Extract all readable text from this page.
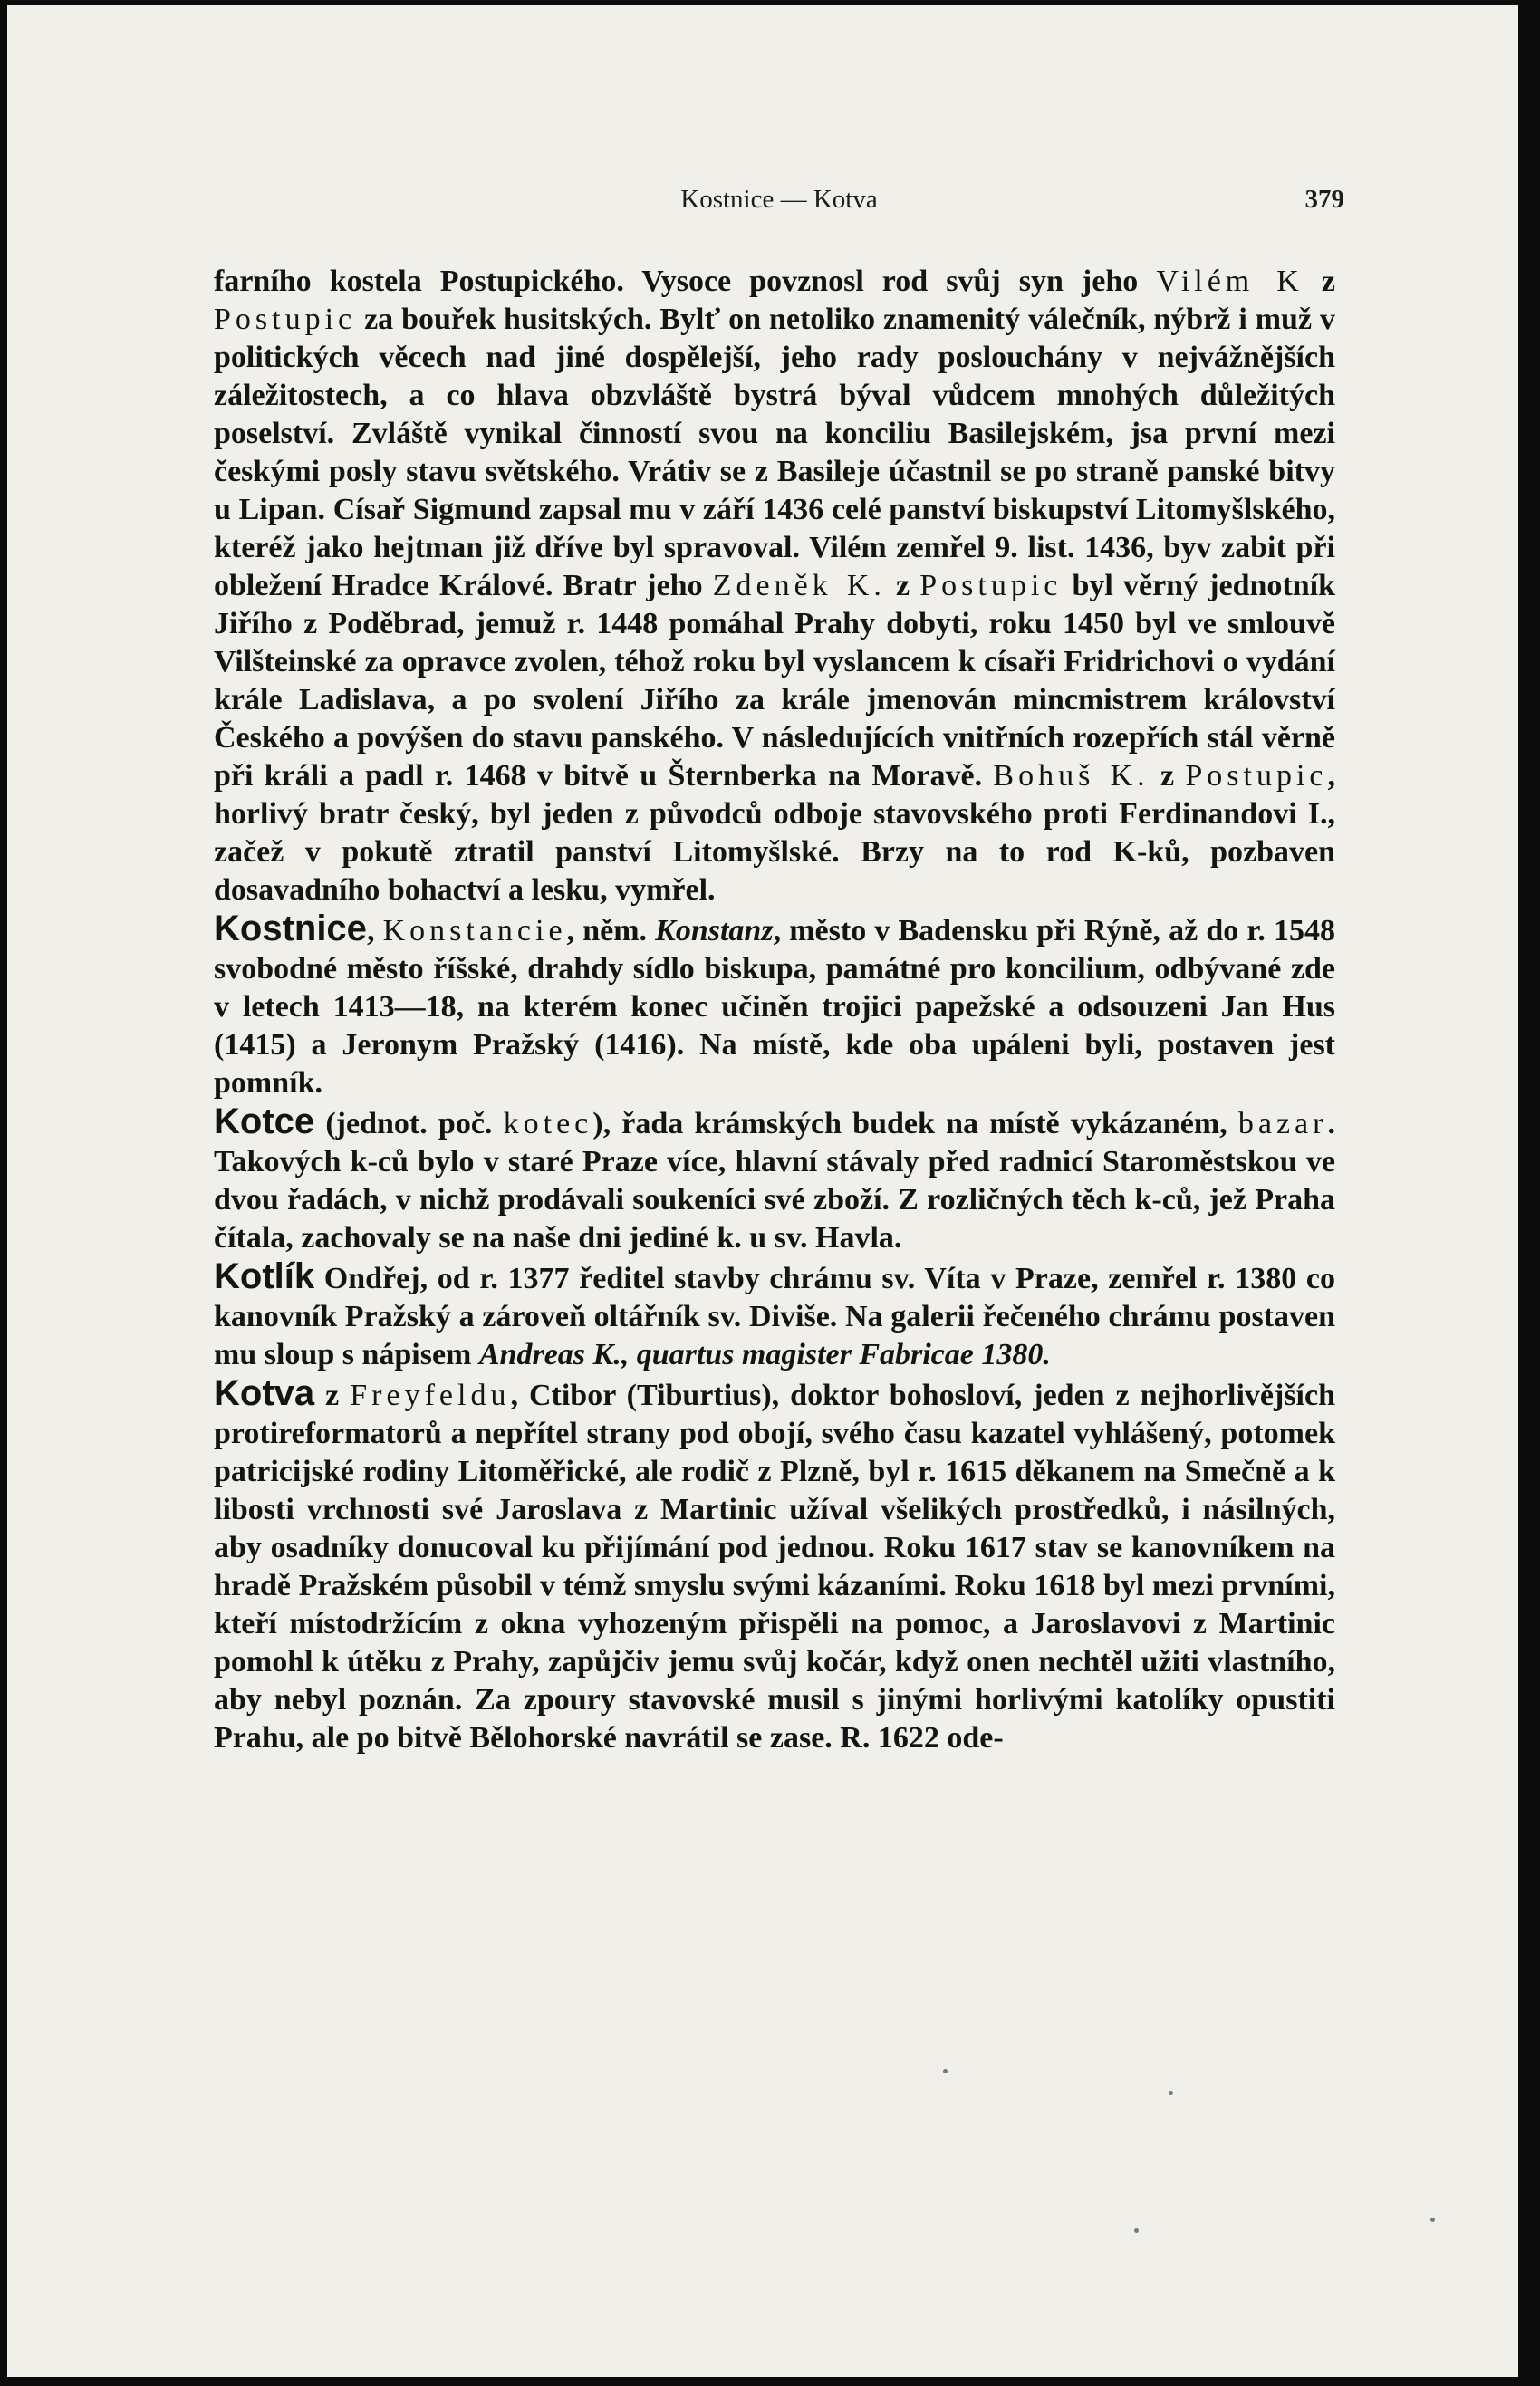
Kostnice — Kotva	379

farního kostela Postupického. Vysoce povznosl rod svůj syn jeho Vilém K z Postupic za bouřek husitských. Bylť on netoliko znamenitý válečník, nýbrž i muž v politických věcech nad jiné dospělejší, jeho rady poslouchány v nejvážnějších záležitostech, a co hlava obzvláště bystrá býval vůdcem mnohých důležitých poselství. Zvláště vynikal činností svou na konciliu Basilejském, jsa první mezi českými posly stavu světského. Vrátiv se z Basileje účastnil se po straně panské bitvy u Lipan. Císař Sigmund zapsal mu v září 1436 celé panství biskupství Litomyšlského, kteréž jako hejtman již dříve byl spravoval. Vilém zemřel 9. list. 1436, byv zabit při obležení Hradce Králové. Bratr jeho Zdeněk K. z Postupic byl věrný jednotník Jiřího z Poděbrad, jemuž r. 1448 pomáhal Prahy dobyti, roku 1450 byl ve smlouvě Vilšteinské za opravce zvolen, téhož roku byl vyslancem k císaři Fridrichovi o vydání krále Ladislava, a po svolení Jiřího za krále jmenován mincmistrem království Českého a povýšen do stavu panského. V následujících vnitřních rozepřích stál věrně při králi a padl r. 1468 v bitvě u Šternberka na Moravě. Bohuš K. z Postupic, horlivý bratr český, byl jeden z původců odboje stavovského proti Ferdinandovi I., začež v pokutě ztratil panství Litomyšlské. Brzy na to rod K-ků, pozbaven dosavadního bohactví a lesku, vymřel.

Kostnice, Konstancie, něm. Konstanz, město v Badensku při Rýně, až do r. 1548 svobodné město říšské, drahdy sídlo biskupa, památné pro koncilium, odbývané zde v letech 1413—18, na kterém konec učiněn trojici papežské a odsouzeni Jan Hus (1415) a Jeronym Pražský (1416). Na místě, kde oba upáleni byli, postaven jest pomník.

Kotce (jednot. poč. kotec), řada krámských budek na místě vykázaném, bazar. Takových k-ců bylo v staré Praze více, hlavní stávaly před radnicí Staroměstskou ve dvou řadách, v nichž prodávali soukeníci své zboží. Z rozličných těch k-ců, jež Praha čítala, zachovaly se na naše dni jediné k. u sv. Havla.

Kotlík Ondřej, od r. 1377 ředitel stavby chrámu sv. Víta v Praze, zemřel r. 1380 co kanovník Pražský a zároveň oltářník sv. Diviše. Na galerii řečeného chrámu postaven mu sloup s nápisem Andreas K., quartus magister Fabricae 1380.

Kotva z Freyfeldu, Ctibor (Tiburtius), doktor bohosloví, jeden z nejhorlivějších protireformatorů a nepřítel strany pod obojí, svého času kazatel vyhlášený, potomek patricijské rodiny Litoměřické, ale rodič z Plzně, byl r. 1615 děkanem na Smečně a k libosti vrchnosti své Jaroslava z Martinic užíval všelikých prostředků, i násilných, aby osadníky donucoval ku přijímání pod jednou. Roku 1617 stav se kanovníkem na hradě Pražském působil v témž smyslu svými kázaními. Roku 1618 byl mezi prvními, kteří místodržícím z okna vyhozeným přispěli na pomoc, a Jaroslavovi z Martinic pomohl k útěku z Prahy, zapůjčiv jemu svůj kočár, když onen nechtěl užiti vlastního, aby nebyl poznán. Za zpoury stavovské musil s jinými horlivými katolíky opustiti Prahu, ale po bitvě Bělohorské navrátil se zase. R. 1622 ode-
